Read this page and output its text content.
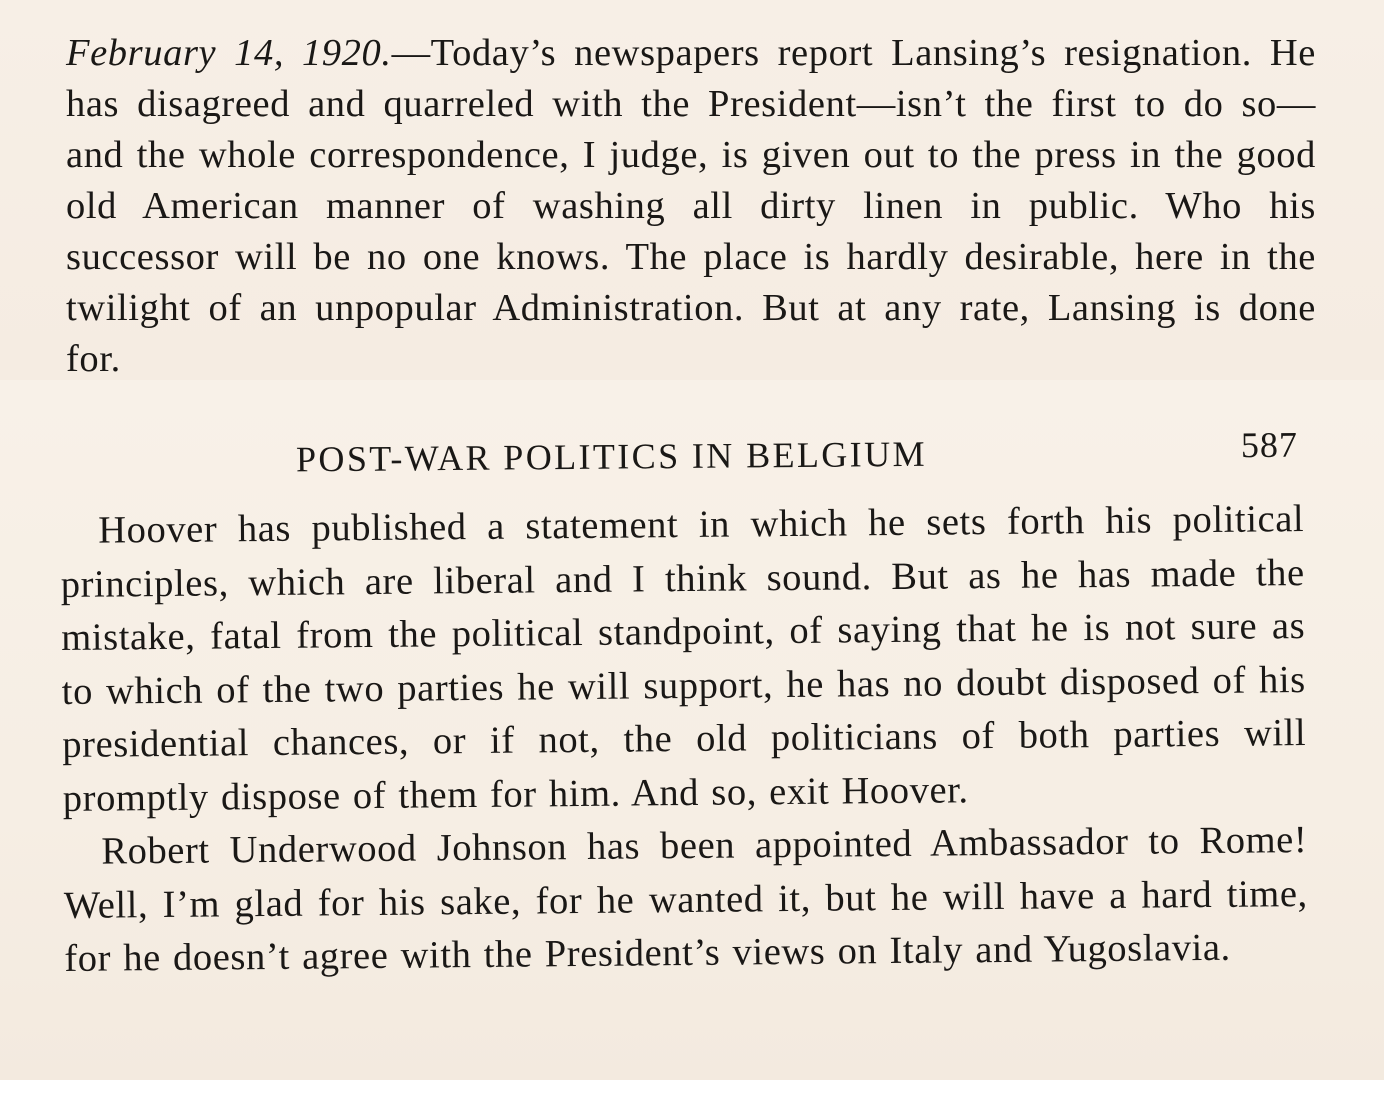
February 14, 1920.—Today’s newspapers report Lansing’s resignation. He has disagreed and quarreled with the President—isn’t the first to do so—and the whole correspondence, I judge, is given out to the press in the good old American manner of washing all dirty linen in public. Who his successor will be no one knows. The place is hardly desirable, here in the twilight of an unpopular Administration. But at any rate, Lansing is done for.
POST-WAR POLITICS IN BELGIUM	587

Hoover has published a statement in which he sets forth his political principles, which are liberal and I think sound. But as he has made the mistake, fatal from the political standpoint, of saying that he is not sure as to which of the two parties he will support, he has no doubt disposed of his presidential chances, or if not, the old politicians of both parties will promptly dispose of them for him. And so, exit Hoover.

Robert Underwood Johnson has been appointed Ambassador to Rome! Well, I’m glad for his sake, for he wanted it, but he will have a hard time, for he doesn’t agree with the President’s views on Italy and Yugoslavia.
